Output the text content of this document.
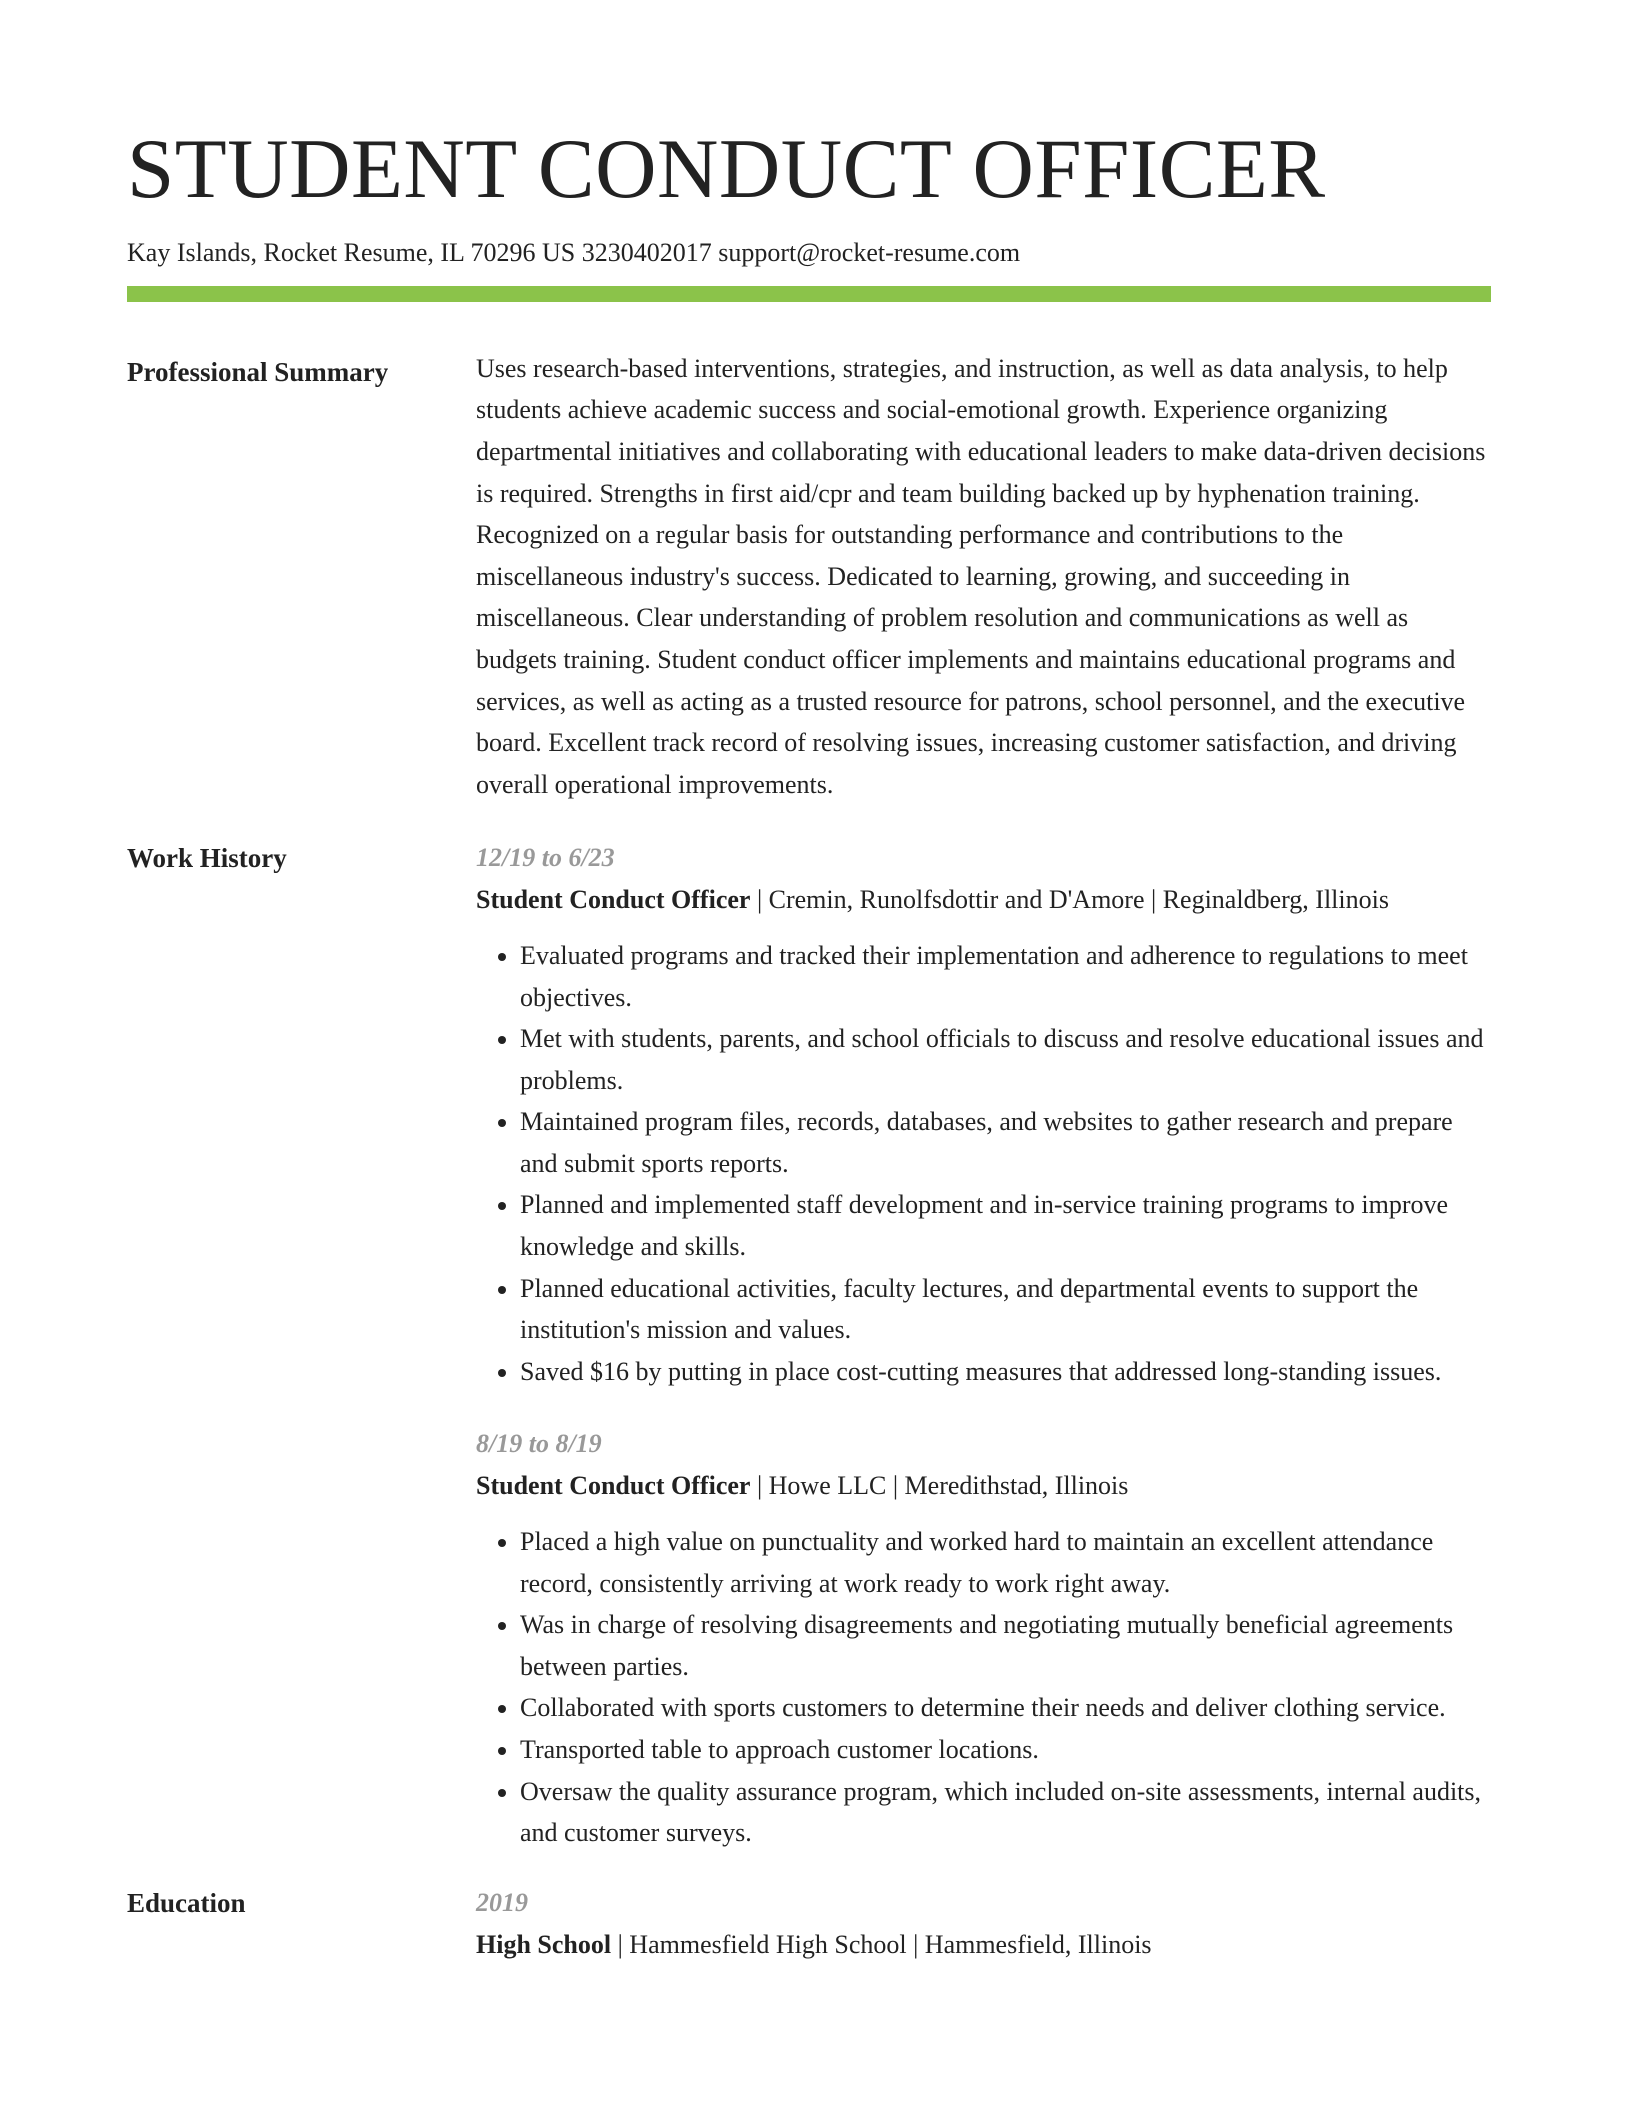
STUDENT CONDUCT OFFICER
Kay Islands, Rocket Resume, IL 70296 US 3230402017 support@rocket-resume.com
Professional Summary	Uses research-based interventions, strategies, and instruction, as well as data analysis, to help students achieve academic success and social-emotional growth. Experience organizing departmental initiatives and collaborating with educational leaders to make data-driven decisions is required. Strengths in first aid/cpr and team building backed up by hyphenation training. Recognized on a regular basis for outstanding performance and contributions to the miscellaneous industry's success. Dedicated to learning, growing, and succeeding in miscellaneous. Clear understanding of problem resolution and communications as well as budgets training. Student conduct officer implements and maintains educational programs and services, as well as acting as a trusted resource for patrons, school personnel, and the executive board. Excellent track record of resolving issues, increasing customer satisfaction, and driving overall operational improvements.

Work History	12/19 to 6/23
Student Conduct Officer | Cremin, Runolfsdottir and D'Amore | Reginaldberg, Illinois
• Evaluated programs and tracked their implementation and adherence to regulations to meet objectives.
• Met with students, parents, and school officials to discuss and resolve educational issues and problems.
• Maintained program files, records, databases, and websites to gather research and prepare and submit sports reports.
• Planned and implemented staff development and in-service training programs to improve knowledge and skills.
• Planned educational activities, faculty lectures, and departmental events to support the institution's mission and values.
• Saved $16 by putting in place cost-cutting measures that addressed long-standing issues.
8/19 to 8/19
Student Conduct Officer | Howe LLC | Meredithstad, Illinois
• Placed a high value on punctuality and worked hard to maintain an excellent attendance record, consistently arriving at work ready to work right away.
• Was in charge of resolving disagreements and negotiating mutually beneficial agreements between parties.
• Collaborated with sports customers to determine their needs and deliver clothing service.
• Transported table to approach customer locations.
• Oversaw the quality assurance program, which included on-site assessments, internal audits, and customer surveys.
Education	2019
High School | Hammesfield High School | Hammesfield, Illinois
